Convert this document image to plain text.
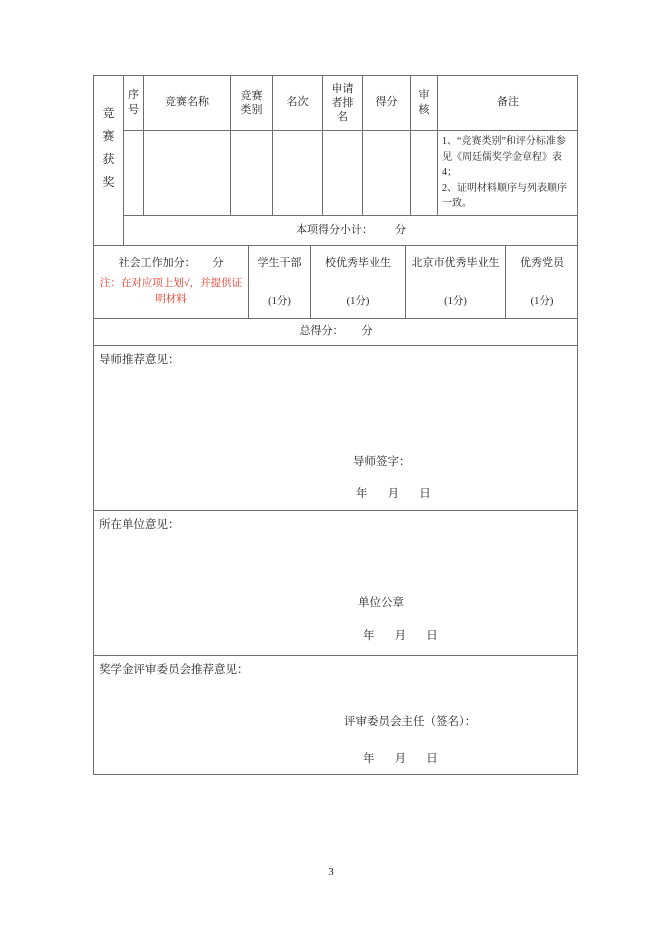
竞赛获奖
序号
竞赛名称
竞赛类别
名次
申请者排名
得分
审核
备注
1、“竞赛类别”和评分标准参见《周廷儒奖学金章程》表4；
2、证明材料顺序与列表顺序一致。
本项得分小计： 分
社会工作加分： 分
注：在对应项上划√，并提供证明材料
学生干部
(1分)
校优秀毕业生
(1分)
北京市优秀毕业生
(1分)
优秀党员
(1分)
总得分： 分
导师推荐意见：
导师签字：
年       月       日
所在单位意见：
单位公章
年       月       日
奖学金评审委员会推荐意见：
评审委员会主任（签名）：
年       月       日
3
